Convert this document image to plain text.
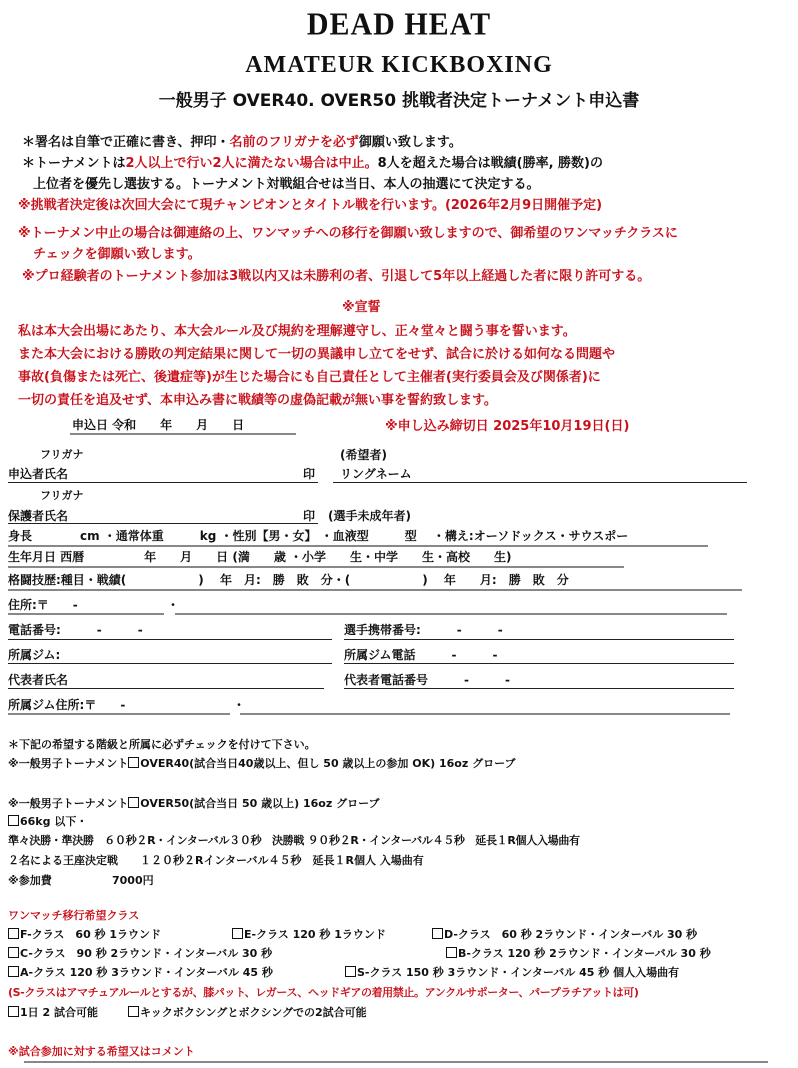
DEAD HEAT
AMATEUR KICKBOXING
一般男子 OVER40. OVER50 挑戦者決定トーナメント申込書
＊署名は自筆で正確に書き、押印・名前のフリガナを必ず御願い致します。
＊トーナメントは2人以上で行い2人に満たない場合は中止。8人を超えた場合は戦績(勝率, 勝数)の
上位者を優先し選抜する。トーナメント対戦組合せは当日、本人の抽選にて決定する。
※挑戦者決定後は次回大会にて現チャンピオンとタイトル戦を行います。(2026年2月9日開催予定)
※トーナメン中止の場合は御連絡の上、ワンマッチへの移行を御願い致しますので、御希望のワンマッチクラスに
チェックを御願い致します。
※プロ経験者のトーナメント参加は3戦以内又は未勝利の者、引退して5年以上経過した者に限り許可する。
※宣誓
私は本大会出場にあたり、本大会ルール及び規約を理解遵守し、正々堂々と闘う事を誓います。
また本大会における勝敗の判定結果に関して一切の異議申し立てをせず、試合に於ける如何なる問題や
事故(負傷または死亡、後遺症等)が生じた場合にも自己責任として主催者(実行委員会及び関係者)に
一切の責任を追及せず、本申込み書に戦績等の虚偽記載が無い事を誓約致します。
申込日 令和　　年　　月　　日	※申し込み締切日 2025年10月19日(日)
フリガナ	(希望者)
申込者氏名	印 リングネーム
フリガナ
保護者氏名	印 (選手未成年者)
身長　　　　cm ・通常体重　　　kg ・性別【男・女】 ・血液型　　　型　 ・構え:オーソドックス・サウスポー
生年月日 西暦　　　　　年　　月　　日 (満　　歳 ・小学　　生・中学　　生・高校　　生)
格闘技歴:種目・戦績(　　　　　　) 　年　月:　勝　敗　分・(　　　　　　)　 年　　月:　勝　敗　分
住所:〒　　-	・
電話番号:　　　-　　　-	選手携帯番号:　　　-　　　-
所属ジム:	所属ジム電話　　　-　　　-
代表者氏名	代表者電話番号　　　-　　　-
所属ジム住所:〒　　-	・
＊下記の希望する階級と所属に必ずチェックを付けて下さい。
※一般男子トーナメント OVER40(試合当日40歳以上、但し 50 歳以上の参加 OK) 16oz グローブ
※一般男子トーナメント OVER50(試合当日 50 歳以上) 16oz グローブ
66kg 以下・
準々決勝・準決勝　６０秒２R・インターバル３０秒　決勝戦 ９０秒２R・インターバル４５秒　延長１R個人入場曲有
２名による王座決定戦　　１２０秒２Rインターバル４５秒　延長１R個人 入場曲有
※参加費	7000円
ワンマッチ移行希望クラス
F-クラス　60 秒 1ラウンド	E-クラス 120 秒 1ラウンド	D-クラス　60 秒 2ラウンド・インターバル 30 秒
C-クラス　90 秒 2ラウンド・インターバル 30 秒	B-クラス 120 秒 2ラウンド・インターバル 30 秒
A-クラス 120 秒 3ラウンド・インターバル 45 秒	S-クラス 150 秒 3ラウンド・インターバル 45 秒 個人入場曲有
(S-クラスはアマチュアルールとするが、膝パット、レガース、ヘッドギアの着用禁止。アンクルサポーター、パープラチアットは可)
1日 2 試合可能	キックボクシングとボクシングでの2試合可能
※試合参加に対する希望又はコメント
